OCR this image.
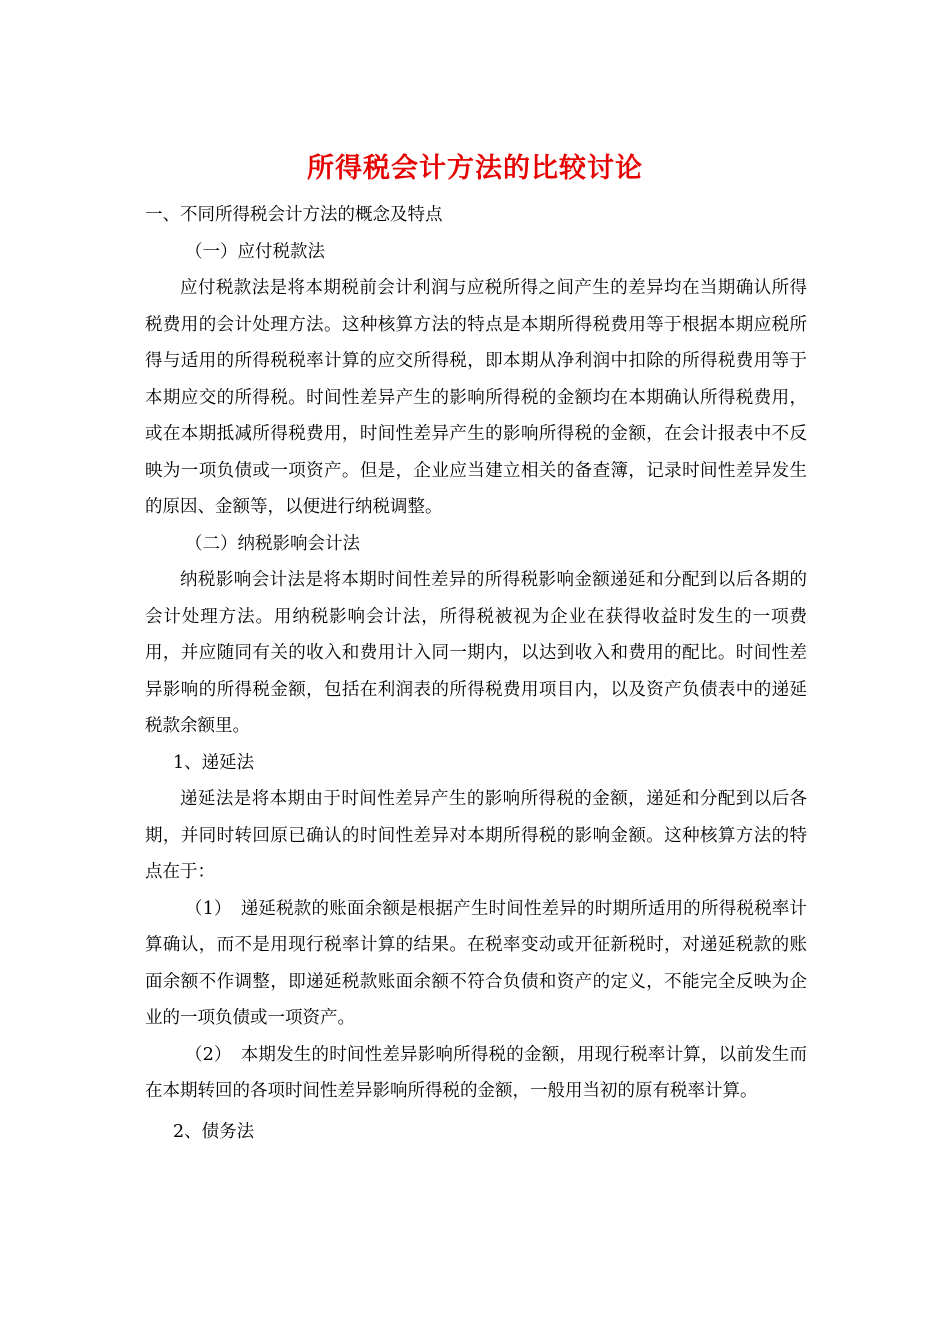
所得税会计方法的比较讨论

一、不同所得税会计方法的概念及特点

（一）应付税款法

应付税款法是将本期税前会计利润与应税所得之间产生的差异均在当期确认所得税费用的会计处理方法。这种核算方法的特点是本期所得税费用等于根据本期应税所得与适用的所得税税率计算的应交所得税，即本期从净利润中扣除的所得税费用等于本期应交的所得税。时间性差异产生的影响所得税的金额均在本期确认所得税费用，或在本期抵减所得税费用，时间性差异产生的影响所得税的金额，在会计报表中不反映为一项负债或一项资产。但是，企业应当建立相关的备查簿，记录时间性差异发生的原因、金额等，以便进行纳税调整。

（二）纳税影响会计法

纳税影响会计法是将本期时间性差异的所得税影响金额递延和分配到以后各期的会计处理方法。用纳税影响会计法，所得税被视为企业在获得收益时发生的一项费用，并应随同有关的收入和费用计入同一期内，以达到收入和费用的配比。时间性差异影响的所得税金额，包括在利润表的所得税费用项目内，以及资产负债表中的递延税款余额里。

1、递延法

递延法是将本期由于时间性差异产生的影响所得税的金额，递延和分配到以后各期，并同时转回原已确认的时间性差异对本期所得税的影响金额。这种核算方法的特点在于：

（1）　递延税款的账面余额是根据产生时间性差异的时期所适用的所得税税率计算确认，而不是用现行税率计算的结果。在税率变动或开征新税时，对递延税款的账面余额不作调整，即递延税款账面余额不符合负债和资产的定义，不能完全反映为企业的一项负债或一项资产。

（2）　本期发生的时间性差异影响所得税的金额，用现行税率计算，以前发生而在本期转回的各项时间性差异影响所得税的金额，一般用当初的原有税率计算。

2、债务法
